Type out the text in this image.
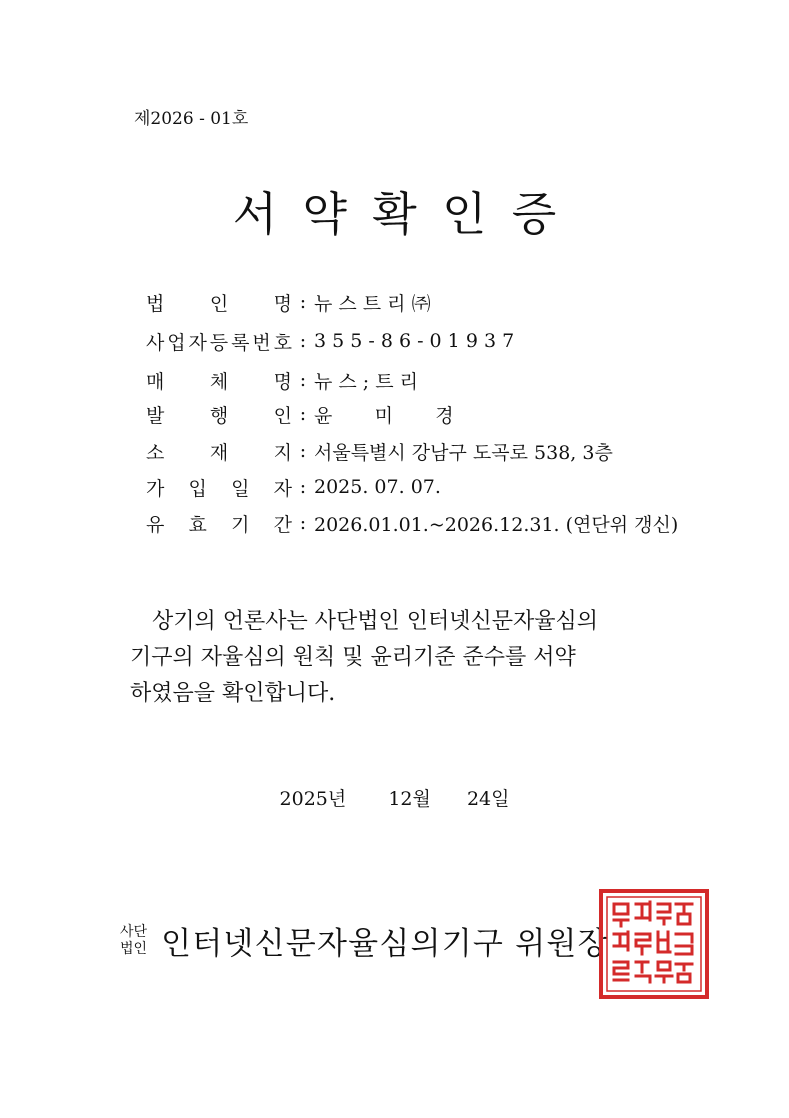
제2026 - 01호
서약확인증
법 인 명 : 뉴 스 트 리 ㈜
사 업 자 등 록 번 호 : 3 5 5 - 8 6 - 0 1 9 3 7
매 체 명 : 뉴 스 ; 트 리
발 행 인 : 윤       미       경
소 재 지 : 서울특별시 강남구 도곡로 538, 3층
가 입 일 자 : 2025. 07. 07.
유 효 기 간 : 2026.01.01.~2026.12.31. (연단위 갱신)

상기의 언론사는 사단법인 인터넷신문자율심의

기구의 자율심의 원칙 및 윤리기준 준수를 서약

하였음을 확인합니다.

2025년 12월 24일
사단
법인 인터넷신문자율심의기구 위원장
